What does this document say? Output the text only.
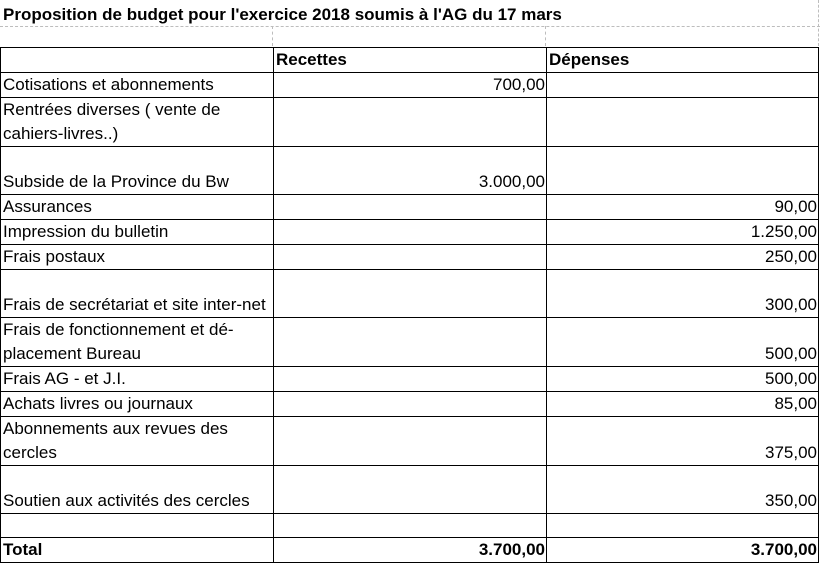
Proposition de budget pour l'exercice 2018 soumis à l'AG du 17 mars
	Recettes	Dépenses
Cotisations et abonnements	700,00	
Rentrées diverses ( vente de cahiers-livres..)		
Subside de la Province du Bw	3.000,00	
Assurances		90,00
Impression du bulletin		1.250,00
Frais postaux		250,00
Frais de secrétariat et site inter-net		300,00
Frais de fonctionnement et dé-placement Bureau		500,00
Frais AG - et J.I.		500,00
Achats livres ou journaux		85,00
Abonnements aux revues des cercles		375,00
Soutien aux activités des cercles		350,00

Total	3.700,00	3.700,00
